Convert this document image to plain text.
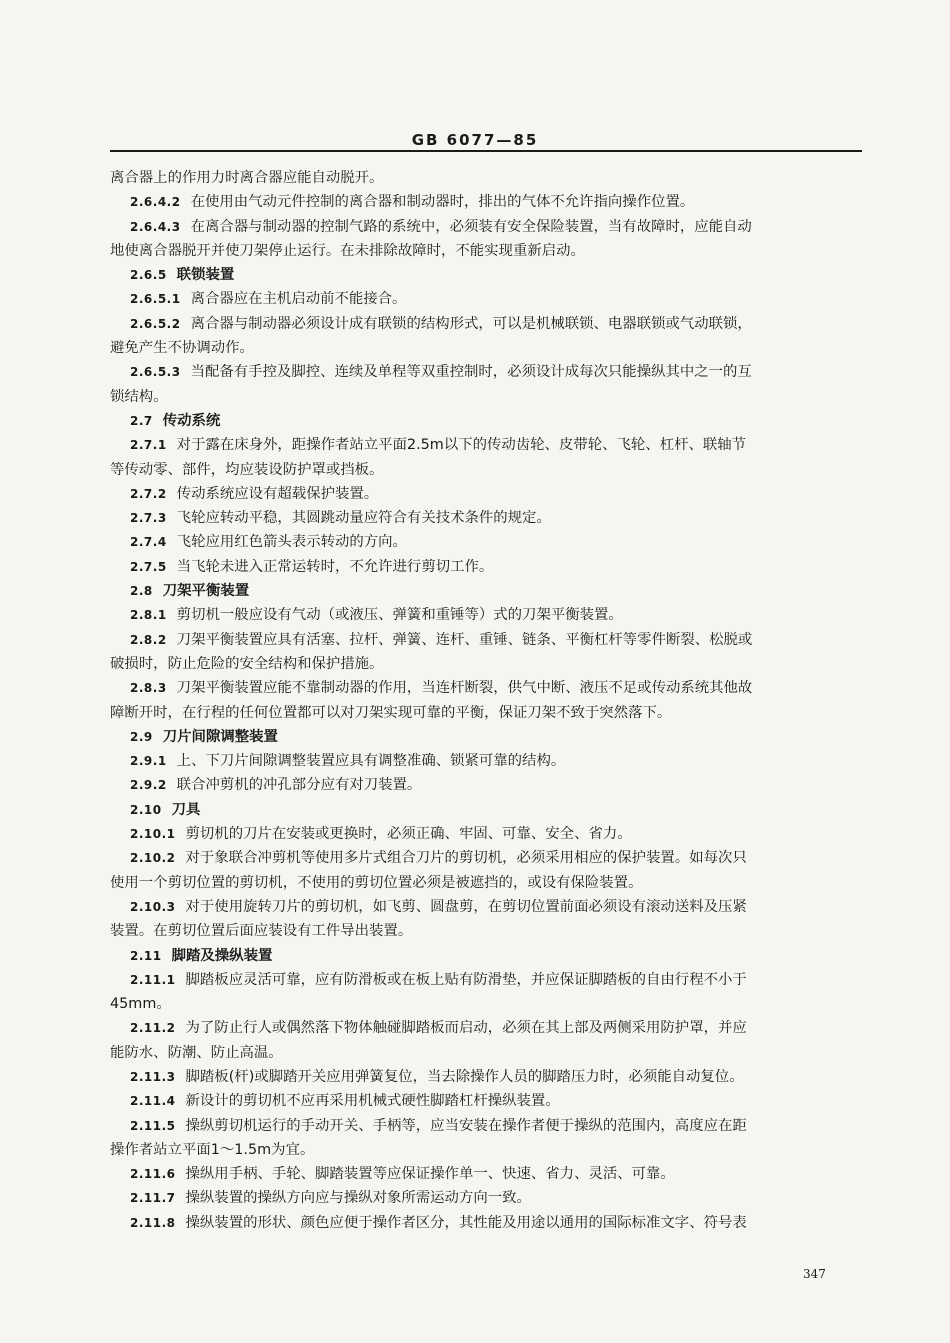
GB 6077—85
离合器上的作用力时离合器应能自动脱开。
2.6.4.2 在使用由气动元件控制的离合器和制动器时，排出的气体不允许指向操作位置。
2.6.4.3 在离合器与制动器的控制气路的系统中，必须装有安全保险装置，当有故障时，应能自动
地使离合器脱开并使刀架停止运行。在未排除故障时，不能实现重新启动。
2.6.5 联锁装置
2.6.5.1 离合器应在主机启动前不能接合。
2.6.5.2 离合器与制动器必须设计成有联锁的结构形式，可以是机械联锁、电器联锁或气动联锁，
避免产生不协调动作。
2.6.5.3 当配备有手控及脚控、连续及单程等双重控制时，必须设计成每次只能操纵其中之一的互
锁结构。
2.7 传动系统
2.7.1 对于露在床身外，距操作者站立平面2.5m以下的传动齿轮、皮带轮、飞轮、杠杆、联轴节
等传动零、部件，均应装设防护罩或挡板。
2.7.2 传动系统应设有超载保护装置。
2.7.3 飞轮应转动平稳，其圆跳动量应符合有关技术条件的规定。
2.7.4 飞轮应用红色箭头表示转动的方向。
2.7.5 当飞轮未进入正常运转时，不允许进行剪切工作。
2.8 刀架平衡装置
2.8.1 剪切机一般应设有气动（或液压、弹簧和重锤等）式的刀架平衡装置。
2.8.2 刀架平衡装置应具有活塞、拉杆、弹簧、连杆、重锤、链条、平衡杠杆等零件断裂、松脱或
破损时，防止危险的安全结构和保护措施。
2.8.3 刀架平衡装置应能不靠制动器的作用，当连杆断裂，供气中断、液压不足或传动系统其他故
障断开时，在行程的任何位置都可以对刀架实现可靠的平衡，保证刀架不致于突然落下。
2.9 刀片间隙调整装置
2.9.1 上、下刀片间隙调整装置应具有调整准确、锁紧可靠的结构。
2.9.2 联合冲剪机的冲孔部分应有对刀装置。
2.10 刀具
2.10.1 剪切机的刀片在安装或更换时，必须正确、牢固、可靠、安全、省力。
2.10.2 对于象联合冲剪机等使用多片式组合刀片的剪切机，必须采用相应的保护装置。如每次只
使用一个剪切位置的剪切机，不使用的剪切位置必须是被遮挡的，或设有保险装置。
2.10.3 对于使用旋转刀片的剪切机，如飞剪、圆盘剪，在剪切位置前面必须设有滚动送料及压紧
装置。在剪切位置后面应装设有工件导出装置。
2.11 脚踏及操纵装置
2.11.1 脚踏板应灵活可靠，应有防滑板或在板上贴有防滑垫，并应保证脚踏板的自由行程不小于
45mm。
2.11.2 为了防止行人或偶然落下物体触碰脚踏板而启动，必须在其上部及两侧采用防护罩，并应
能防水、防潮、防止高温。
2.11.3 脚踏板(杆)或脚踏开关应用弹簧复位，当去除操作人员的脚踏压力时，必须能自动复位。
2.11.4 新设计的剪切机不应再采用机械式硬性脚踏杠杆操纵装置。
2.11.5 操纵剪切机运行的手动开关、手柄等，应当安装在操作者便于操纵的范围内，高度应在距
操作者站立平面1～1.5m为宜。
2.11.6 操纵用手柄、手轮、脚踏装置等应保证操作单一、快速、省力、灵活、可靠。
2.11.7 操纵装置的操纵方向应与操纵对象所需运动方向一致。
2.11.8 操纵装置的形状、颜色应便于操作者区分，其性能及用途以通用的国际标准文字、符号表
347
